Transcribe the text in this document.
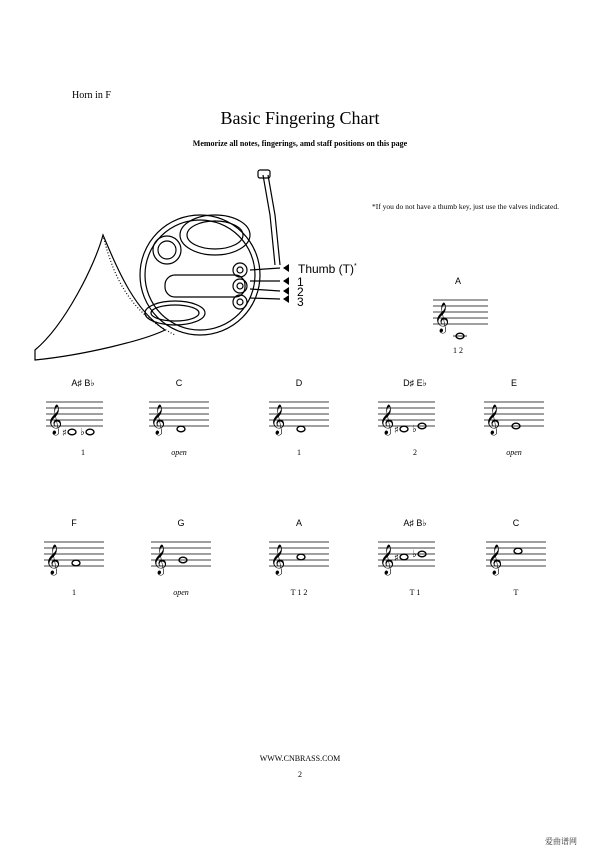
Horn in F
Basic Fingering Chart
Memorize all notes, fingerings, amd staff positions on this page
*If you do not have a thumb key, just use the valves indicated.
Thumb (T)*
1
2
3
A
𝄞
1 2
A♯ B♭
𝄞 ♯ ♭
1
C
𝄞
open
D
𝄞
1
D♯ E♭
𝄞 ♯ ♭
2
E
𝄞
open
F
𝄞
1
G
𝄞
open
A
𝄞
T 1 2
A♯ B♭
𝄞 ♯ ♭
T 1
C
𝄞
T
WWW.CNBRASS.COM
2
爱曲谱网
